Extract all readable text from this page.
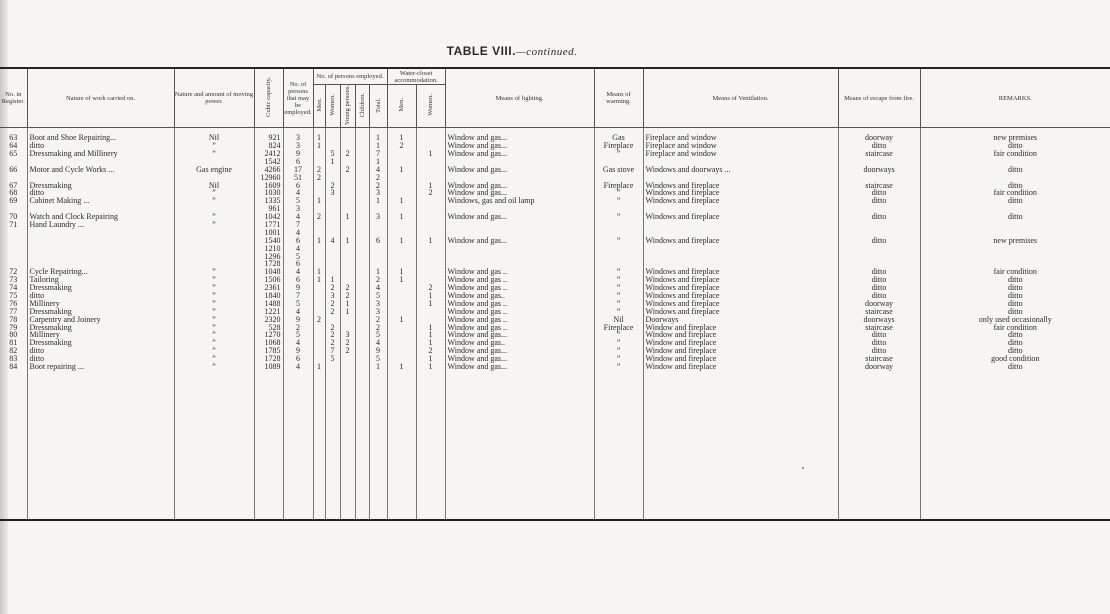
TABLE VIII.—continued.
No. in Register.	Nature of work carried on.	Nature and amount of moving power.	Cubic capacity.	No. of persons that may be employed.	No. of persons employed.					Water-closet accommodation.		Means of lighting.	Means of warming.	Means of Ventilation.	Means of escape from fire.	REMARKS.
					Men.	Women.	Young persons.	Children.	Total.	Men.	Women.					

63	Boot and Shoe Repairing...	Nil	921	3	1				1	1		Window and gas...	Gas	Fireplace and window	doorway	new premises
64	ditto	”	824	3	1				1	2		Window and gas...	Fireplace	Fireplace and window	ditto	ditto
65	Dressmaking and Millinery	”	2412	9		5	2		7		1	Window and gas...	”	Fireplace and window	staircase	fair condition
			1542	6		1			1							
66	Motor and Cycle Works ...	Gas engine	4266	17	2		2		4	1		Window and gas...	Gas stove	Windows and doorways ...	doorways	ditto
			12960	51	2				2							
67	Dressmaking	Nil	1609	6		2			2		1	Window and gas...	Fireplace	Windows and fireplace	staircase	ditto
68	ditto	”	1030	4		3			3		2	Window and gas...	”	Windows and fireplace	ditto	fair condition
69	Cabinet Making ...	”	1335	5	1				1	1		Windows, gas and oil lamp	”	Windows and fireplace	ditto	ditto
			961	3												
70	Watch and Clock Repairing	”	1042	4	2		1		3	1		Window and gas...	”	Windows and fireplace	ditto	ditto
71	Hand Laundry ...	”	1771	7												
			1001	4												
			1540	6	1	4	1		6	1	1	Window and gas...	”	Windows and fireplace	ditto	new premises
			1210	4												
			1296	5												
			1728	6												
72	Cycle Repairing...	”	1048	4	1				1	1		Window and gas ..	”	Windows and fireplace	ditto	fair condition
73	Tailoring	”	1506	6	1	1			2	1		Window and gas ..	”	Windows and fireplace	ditto	ditto
74	Dressmaking	”	2361	9		2	2		4		2	Window and gas ..	”	Windows and fireplace	ditto	ditto
75	ditto	”	1840	7		3	2		5		1	Window and gas..	”	Windows and fireplace	ditto	ditto
76	Millinery	”	1488	5		2	1		3		1	Window and gas ..	”	Windows and fireplace	doorway	ditto
77	Dressmaking	”	1221	4		2	1		3			Window and gas ..	”	Windows and fireplace	staircase	ditto
78	Carpentry and Joinery	”	2320	9	2				2	1		Window and gas ..	Nil	Doorways	doorways	only used occasionally
79	Dressmaking	”	528	2		2			2		1	Window and gas ..	Fireplace	Window and fireplace	staircase	fair condition
80	Millinery	”	1270	5		2	3		5		1	Window and gas...	”	Window and fireplace	ditto	ditto
81	Dressmaking	”	1068	4		2	2		4		1	Window and gas..	”	Window and fireplace	ditto	ditto
82	ditto	”	1785	9		7	2		9		2	Window and gas...	”	Window and fireplace	ditto	ditto
83	ditto	”	1728	6		5			5		1	Window and gas...	”	Window and fireplace	staircase	good condition
84	Boot repairing ...	”	1089	4	1				1	1	1	Window and gas...	”	Window and fireplace	doorway	ditto
